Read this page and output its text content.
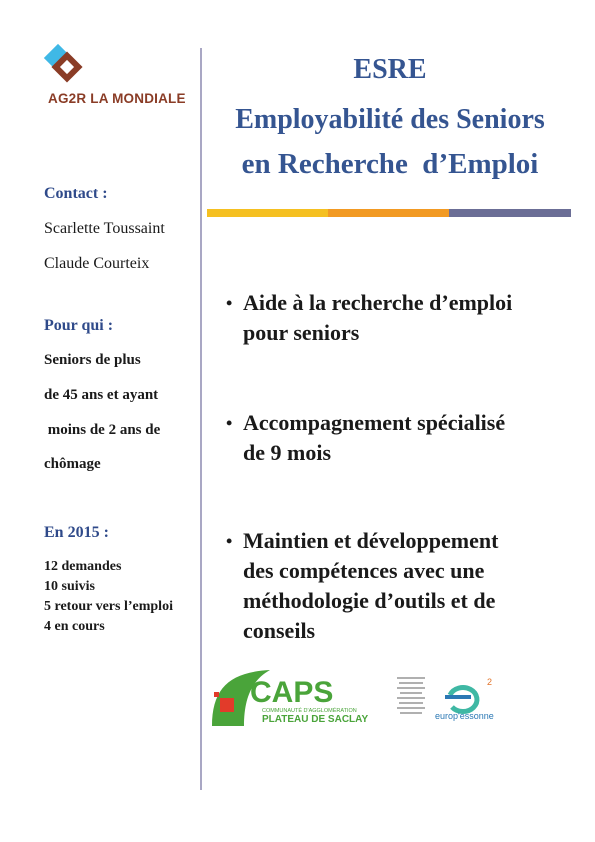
AG2R LA MONDIALE
Contact :
Scarlette Toussaint
Claude Courteix
Pour qui :
Seniors de plus
de 45 ans et ayant
moins de 2 ans de
chômage
En 2015 :
12 demandes
10 suivis
5 retour vers l’emploi
4 en cours
ESRE
Employabilité des Seniors
en Recherche  d’Emploi
• Aide à la recherche d’emploi
pour seniors
• Accompagnement spécialisé
de 9 mois
• Maintien et développement
des compétences avec une
méthodologie d’outils et de
conseils
CAPS
COMMUNAUTÉ D'AGGLOMÉRATION
PLATEAU DE SACLAY
2
europ'essonne
